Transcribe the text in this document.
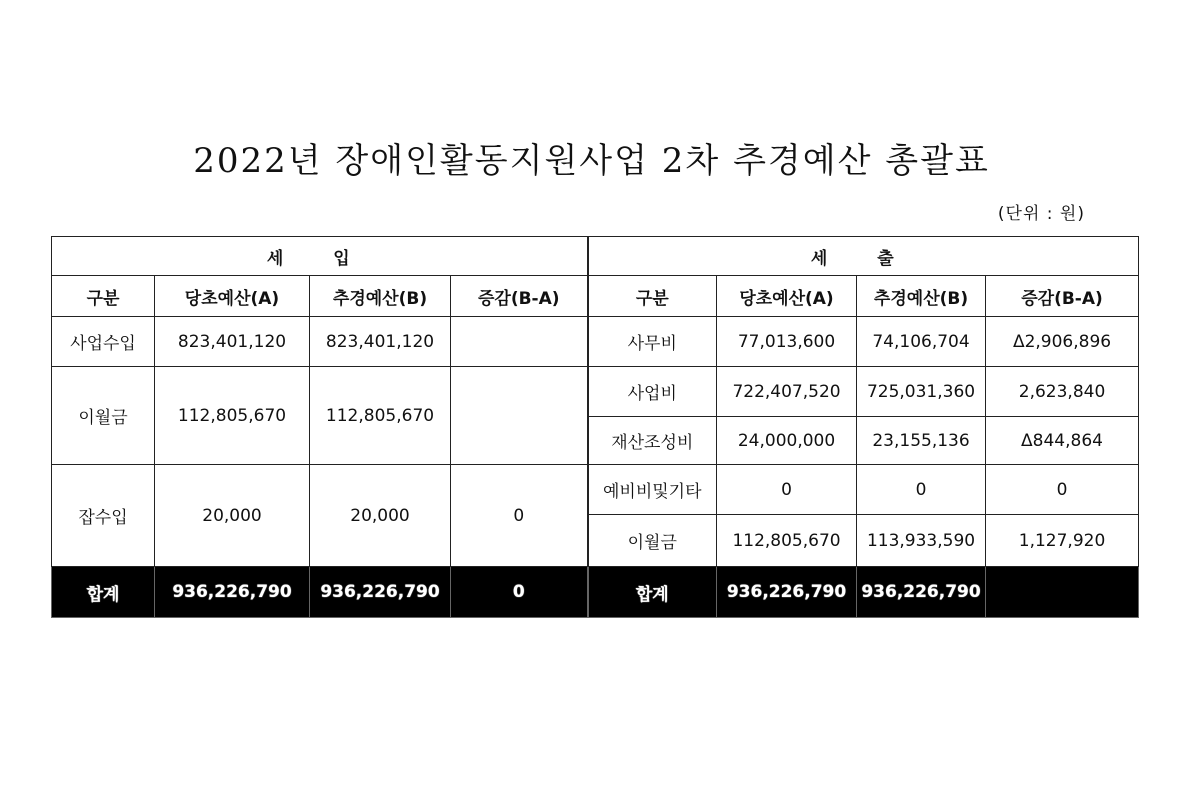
2022년 장애인활동지원사업 2차 추경예산 총괄표
(단위 : 원)
세 입				세 출			
구분	당초예산(A)	추경예산(B)	증감(B-A)	구분	당초예산(A)	추경예산(B)	증감(B-A)
사업수입	823,401,120	823,401,120		사무비	77,013,600	74,106,704	Δ2,906,896
이월금	112,805,670	112,805,670		사업비	722,407,520	725,031,360	2,623,840
				재산조성비	24,000,000	23,155,136	Δ844,864
잡수입	20,000	20,000	0	예비비및기타	0	0	0
				이월금	112,805,670	113,933,590	1,127,920
합계	936,226,790	936,226,790	0	합계	936,226,790	936,226,790	
